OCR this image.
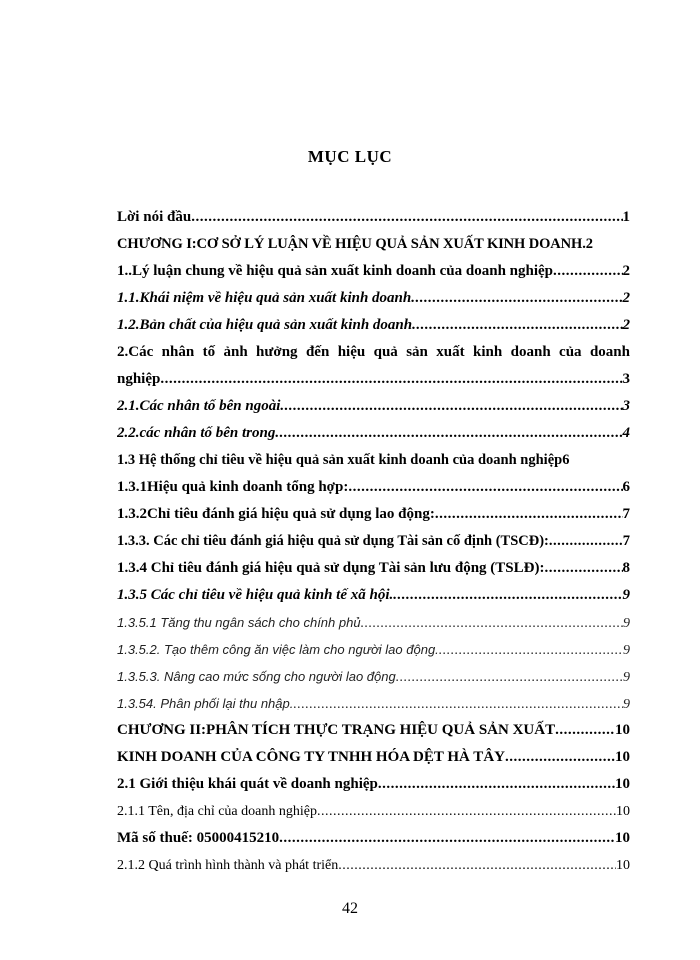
MỤC LỤC
Lời nói đầu .....	1
CHƯƠNG I:CƠ SỞ LÝ LUẬN VỀ HIỆU QUẢ SẢN XUẤT KINH DOANH. 2
1..Lý luận chung về hiệu quả sản xuất kinh doanh của doanh nghiệp .....	2
1.1.Khái niệm về hiệu quả sản xuất kinh doanh .....	2
1.2.Bản chất của hiệu quả sản xuất kinh doanh .....	2
2.Các nhân tố ảnh hưởng đến hiệu quả sản xuất kinh doanh của doanh
nghiệp .....	3
2.1.Các nhân tố bên ngoài .....	3
2.2.các nhân tố bên trong .....	4
1.3 Hệ thống chỉ tiêu về hiệu quả sản xuất kinh doanh của doanh nghiệp 6
1.3.1Hiệu quả kinh doanh tổng hợp: .....	6
1.3.2Chỉ tiêu đánh giá hiệu quả sử dụng lao động: .....	7
1.3.3. Các chỉ tiêu đánh giá hiệu quả sử dụng Tài sản cố định (TSCĐ): .....	7
1.3.4 Chỉ tiêu đánh giá hiệu quả sử dụng Tài sản lưu động (TSLĐ): .....	8
1.3.5 Các chỉ tiêu về hiệu quả kinh tế xã hội. .....	9
1.3.5.1 Tăng thu ngân sách cho chính phủ .....	9
1.3.5.2. Tạo thêm công ăn việc làm cho người lao động. .....	9
1.3.5.3. Nâng cao mức sống cho người lao động .....	9
1.3.54. Phân phối lại thu nhập. .....	9
CHƯƠNG II:PHÂN TÍCH THỰC TRẠNG HIỆU QUẢ SẢN XUẤT .....	10
KINH DOANH CỦA CÔNG TY TNHH HÓA DỆT HÀ TÂY .....	10
2.1 Giới thiệu khái quát về doanh nghiệp .....	10
2.1.1 Tên, địa chỉ của doanh nghiệp .....	10
Mã số thuế: 05000415210 .....	10
2.1.2 Quá trình hình thành và phát triển .....	10
42
